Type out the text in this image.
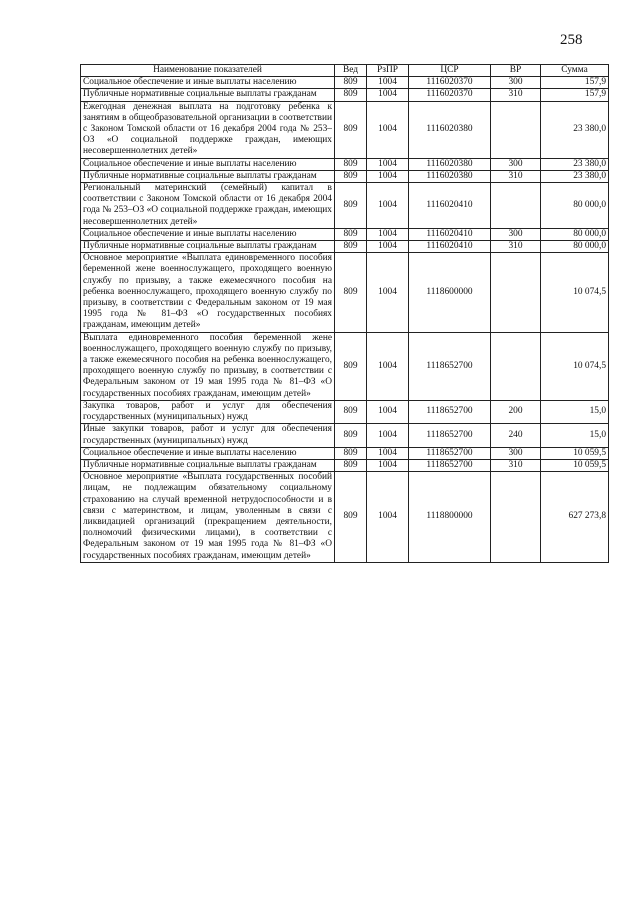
258
Наименование показателей	Вед	РзПР	ЦСР	ВР	Сумма
Социальное обеспечение и иные выплаты населению	809	1004	1116020370	300	157,9
Публичные нормативные социальные выплаты гражданам	809	1004	1116020370	310	157,9
Ежегодная денежная выплата на подготовку ребенка к занятиям в общеобразовательной организации в соответствии с Законом Томской области от 16 декабря 2004 года № 253–ОЗ «О социальной поддержке граждан, имеющих несовершеннолетних детей»	809	1004	1116020380		23 380,0
Социальное обеспечение и иные выплаты населению	809	1004	1116020380	300	23 380,0
Публичные нормативные социальные выплаты гражданам	809	1004	1116020380	310	23 380,0
Региональный материнский (семейный) капитал в соответствии с Законом Томской области от 16 декабря 2004 года № 253–ОЗ «О социальной поддержке граждан, имеющих несовершеннолетних детей»	809	1004	1116020410		80 000,0
Социальное обеспечение и иные выплаты населению	809	1004	1116020410	300	80 000,0
Публичные нормативные социальные выплаты гражданам	809	1004	1116020410	310	80 000,0
Основное мероприятие «Выплата единовременного пособия беременной жене военнослужащего, проходящего военную службу по призыву, а также ежемесячного пособия на ребенка военнослужащего, проходящего военную службу по призыву, в соответствии с Федеральным законом от 19 мая 1995 года № 81–ФЗ «О государственных пособиях гражданам, имеющим детей»	809	1004	1118600000		10 074,5
Выплата единовременного пособия беременной жене военнослужащего, проходящего военную службу по призыву, а также ежемесячного пособия на ребенка военнослужащего, проходящего военную службу по призыву, в соответствии с Федеральным законом от 19 мая 1995 года № 81–ФЗ «О государственных пособиях гражданам, имеющим детей»	809	1004	1118652700		10 074,5
Закупка товаров, работ и услуг для обеспечения государственных (муниципальных) нужд	809	1004	1118652700	200	15,0
Иные закупки товаров, работ и услуг для обеспечения государственных (муниципальных) нужд	809	1004	1118652700	240	15,0
Социальное обеспечение и иные выплаты населению	809	1004	1118652700	300	10 059,5
Публичные нормативные социальные выплаты гражданам	809	1004	1118652700	310	10 059,5
Основное мероприятие «Выплата государственных пособий лицам, не подлежащим обязательному социальному страхованию на случай временной нетрудоспособности и в связи с материнством, и лицам, уволенным в связи с ликвидацией организаций (прекращением деятельности, полномочий физическими лицами), в соответствии с Федеральным законом от 19 мая 1995 года № 81–ФЗ «О государственных пособиях гражданам, имеющим детей»	809	1004	1118800000		627 273,8
